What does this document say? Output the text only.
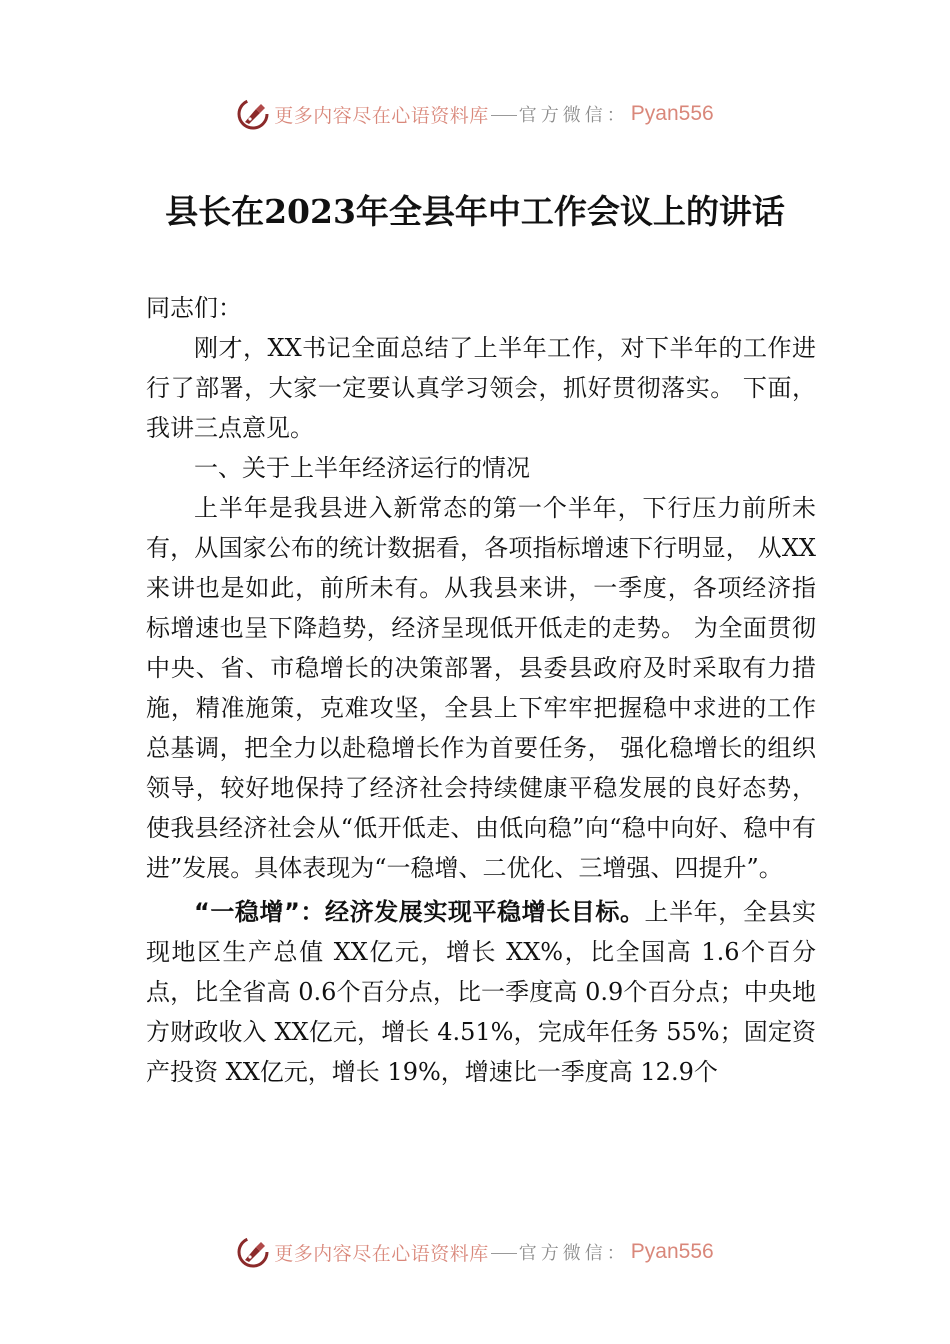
更多内容尽在心语资料库 官方微信： Pyan556
县长在2023年全县年中工作会议上的讲话

同志们：

刚才，XX书记全面总结了上半年工作，对下半年的工作进行了部署，大家一定要认真学习领会，抓好贯彻落实。 下面，我讲三点意见。

一、关于上半年经济运行的情况

上半年是我县进入新常态的第一个半年，下行压力前所未有，从国家公布的统计数据看，各项指标增速下行明显， 从XX来讲也是如此，前所未有。从我县来讲，一季度，各项经济指标增速也呈下降趋势，经济呈现低开低走的走势。 为全面贯彻中央、省、市稳增长的决策部署，县委县政府及时采取有力措施，精准施策，克难攻坚，全县上下牢牢把握稳中求进的工作总基调，把全力以赴稳增长作为首要任务， 强化稳增长的组织领导，较好地保持了经济社会持续健康平稳发展的良好态势，使我县经济社会从“低开低走、由低向稳”向“稳中向好、稳中有进”发展。具体表现为“一稳增、二优化、三增强、四提升”。

“一稳增”：经济发展实现平稳增长目标。上半年，全县实现地区生产总值 XX亿元，增长 XX%，比全国高 1.6个百分点，比全省高 0.6个百分点，比一季度高 0.9个百分点；中央地方财政收入 XX亿元，增长 4.51%，完成年任务 55%；固定资产投资 XX亿元，增长 19%，增速比一季度高 12.9个

更多内容尽在心语资料库 官方微信： Pyan556
